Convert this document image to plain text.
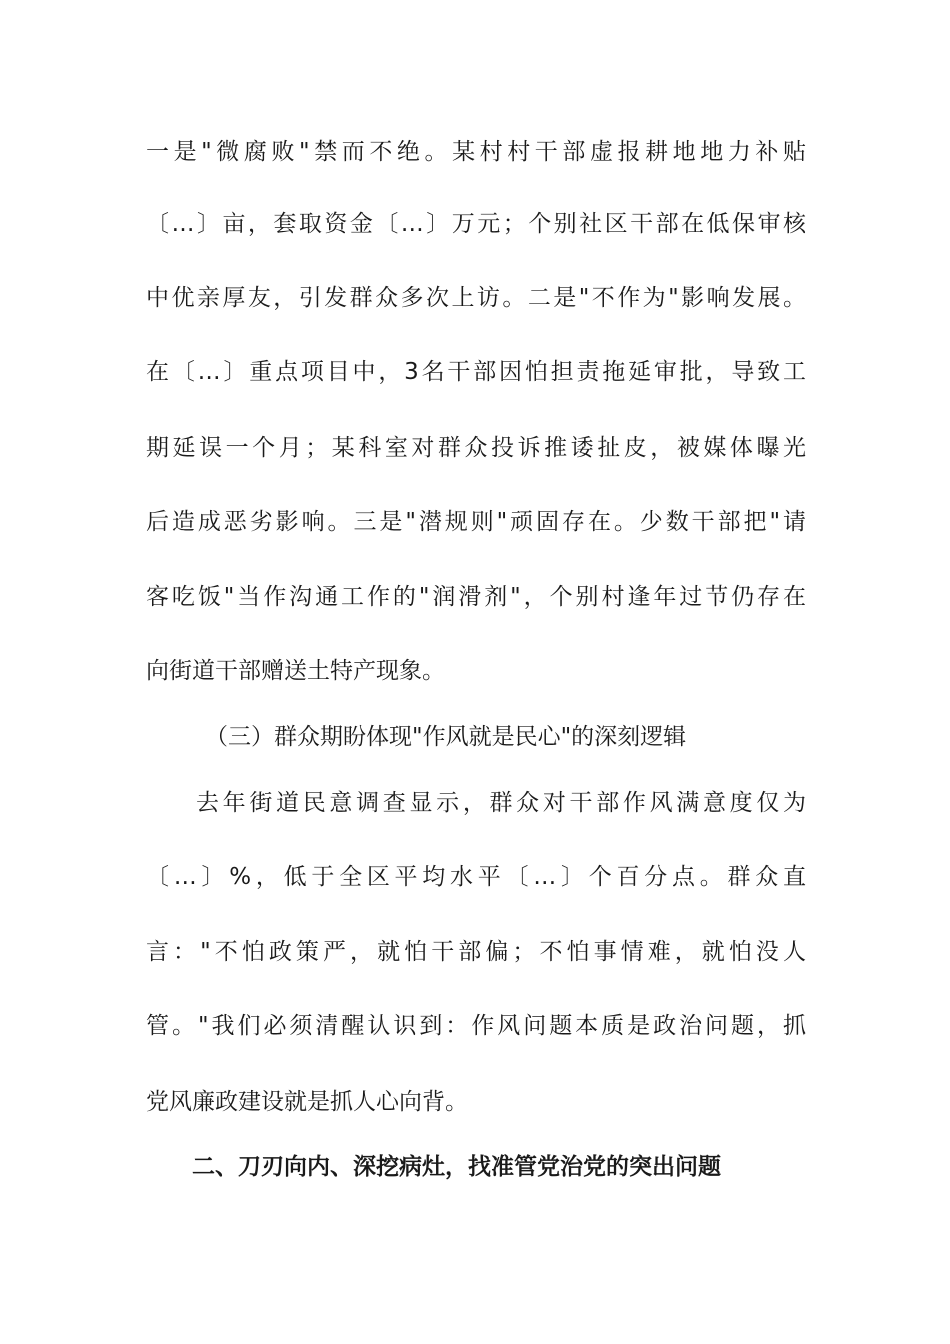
一是"微腐败"禁而不绝。某村村干部虚报耕地地力补贴
〔…〕亩，套取资金〔…〕万元；个别社区干部在低保审核
中优亲厚友，引发群众多次上访。二是"不作为"影响发展。
在〔…〕重点项目中，3名干部因怕担责拖延审批，导致工
期延误一个月；某科室对群众投诉推诿扯皮，被媒体曝光
后造成恶劣影响。三是"潜规则"顽固存在。少数干部把"请
客吃饭"当作沟通工作的"润滑剂"，个别村逢年过节仍存在
向街道干部赠送土特产现象。
（三）群众期盼体现"作风就是民心"的深刻逻辑
去年街道民意调查显示，群众对干部作风满意度仅为
〔…〕%，低于全区平均水平〔…〕个百分点。群众直
言："不怕政策严，就怕干部偏；不怕事情难，就怕没人
管。"我们必须清醒认识到：作风问题本质是政治问题，抓
党风廉政建设就是抓人心向背。
二、刀刃向内、深挖病灶，找准管党治党的突出问题
